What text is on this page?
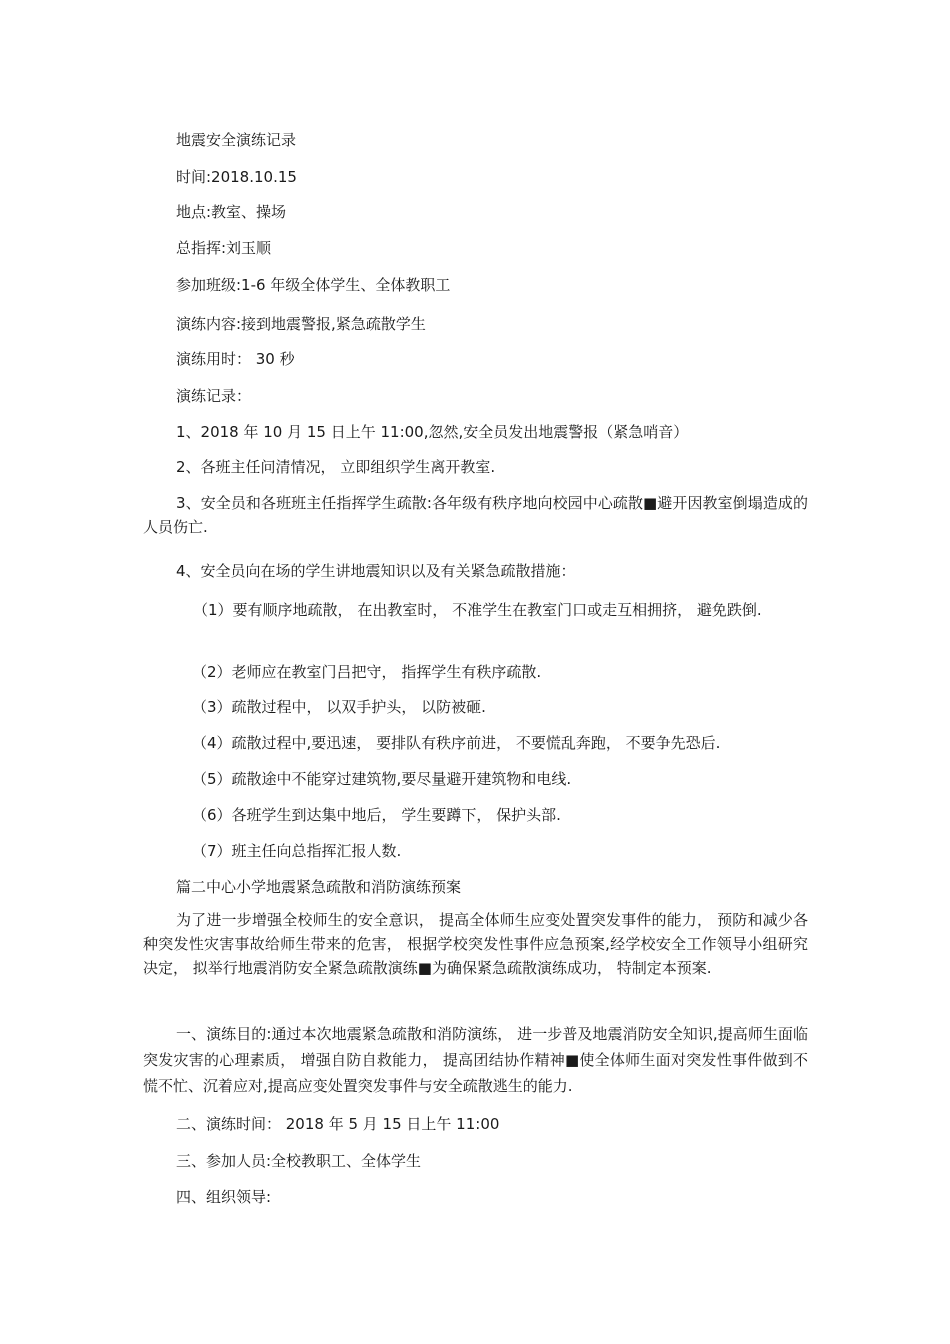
地震安全演练记录
时间:2018.10.15
地点:教室、操场
总指挥:刘玉顺
参加班级:1-6 年级全体学生、全体教职工
演练内容:接到地震警报,紧急疏散学生
演练用时： 30 秒
演练记录：
1、2018 年 10 月 15 日上午 11:00,忽然,安全员发出地震警报（紧急哨音）
2、各班主任问清情况， 立即组织学生离开教室.
3、安全员和各班班主任指挥学生疏散:各年级有秩序地向校园中心疏散■避开因教室倒塌造成的人员伤亡.
4、安全员向在场的学生讲地震知识以及有关紧急疏散措施：
（1）要有顺序地疏散， 在出教室时， 不准学生在教室门口或走互相拥挤， 避免跌倒.
（2）老师应在教室门吕把守， 指挥学生有秩序疏散.
（3）疏散过程中， 以双手护头， 以防被砸.
（4）疏散过程中,要迅速， 要排队有秩序前进， 不要慌乱奔跑， 不要争先恐后.
（5）疏散途中不能穿过建筑物,要尽量避开建筑物和电线.
（6）各班学生到达集中地后， 学生要蹲下， 保护头部.
（7）班主任向总指挥汇报人数.
篇二中心小学地震紧急疏散和消防演练预案
为了进一步增强全校师生的安全意识， 提高全体师生应变处置突发事件的能力， 预防和减少各种突发性灾害事故给师生带来的危害， 根据学校突发性事件应急预案,经学校安全工作领导小组研究决定， 拟举行地震消防安全紧急疏散演练■为确保紧急疏散演练成功， 特制定本预案.
一、演练目的:通过本次地震紧急疏散和消防演练， 进一步普及地震消防安全知识,提高师生面临突发灾害的心理素质， 增强自防自救能力， 提高团结协作精神■使全体师生面对突发性事件做到不慌不忙、沉着应对,提高应变处置突发事件与安全疏散逃生的能力.
二、演练时间： 2018 年 5 月 15 日上午 11:00
三、参加人员:全校教职工、全体学生
四、组织领导:
